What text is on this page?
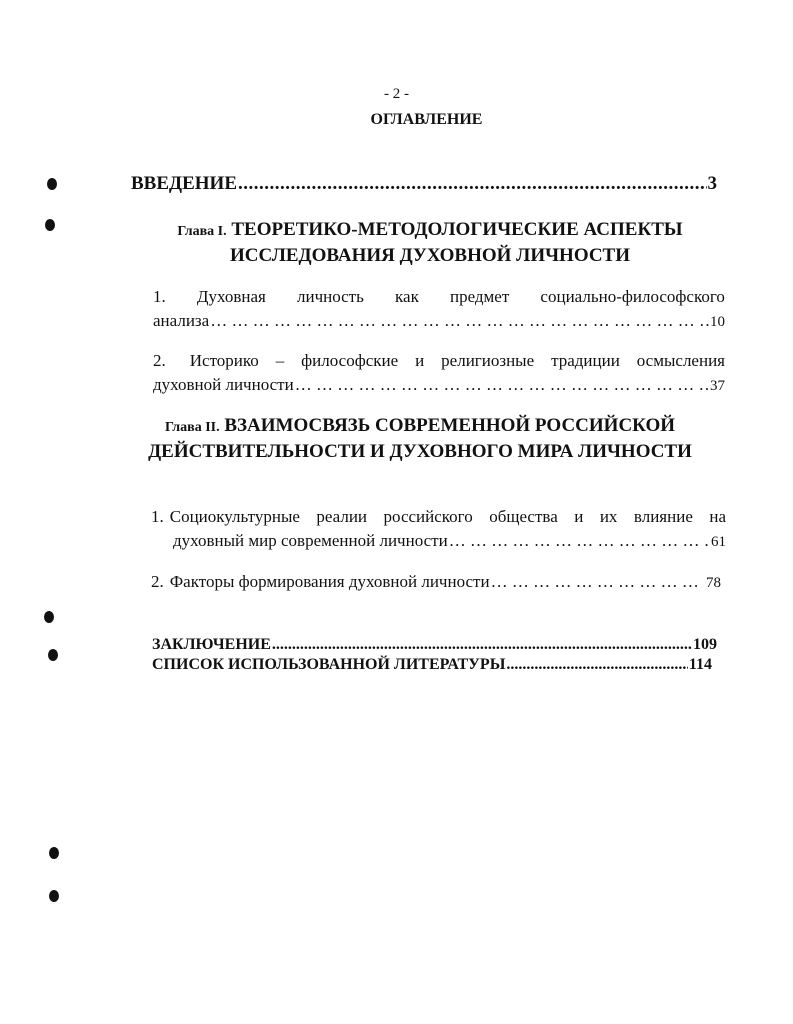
- 2 -
ОГЛАВЛЕНИЕ
ВВЕДЕНИЕ .....	3
Глава I. ТЕОРЕТИКО-МЕТОДОЛОГИЧЕСКИЕ АСПЕКТЫ
ИССЛЕДОВАНИЯ ДУХОВНОЙ ЛИЧНОСТИ
1. Духовная личность как предмет социально-философского
анализа … … … … … … … … … … … … … … … … … … … … … … … … … … … … … … … … … … … … … … … … … … … … … … … … … … … … … … … … … … … …	10
2. Историко – философские и религиозные традиции осмысления
духовной личности … … … … … … … … … … … … … … … … … … … … … … … … … … … … … … … … … … … … … … … … … … … … … … … … … … … … … … … … … … … …	37
Глава II. ВЗАИМОСВЯЗЬ СОВРЕМЕННОЙ РОССИЙСКОЙ
ДЕЙСТВИТЕЛЬНОСТИ И ДУХОВНОГО МИРА ЛИЧНОСТИ
1. Социокультурные реалии российского общества и их влияние на
духовный мир современной личности … … … … … … … … … … … … … … … … … … … … … … … … … … … … … … … … … … … … … … … … … … … … … … … … … … … … … … … … … … … …	61
2. Факторы формирования духовной личности … … … … … … … … … … … … … … … … … … … … … … … … … … … … … … … … … … … … … … … … … … … … … … … … … … … … … … … … … … … …	78
ЗАКЛЮЧЕНИЕ .....	109
СПИСОК ИСПОЛЬЗОВАННОЙ ЛИТЕРАТУРЫ .....	114
